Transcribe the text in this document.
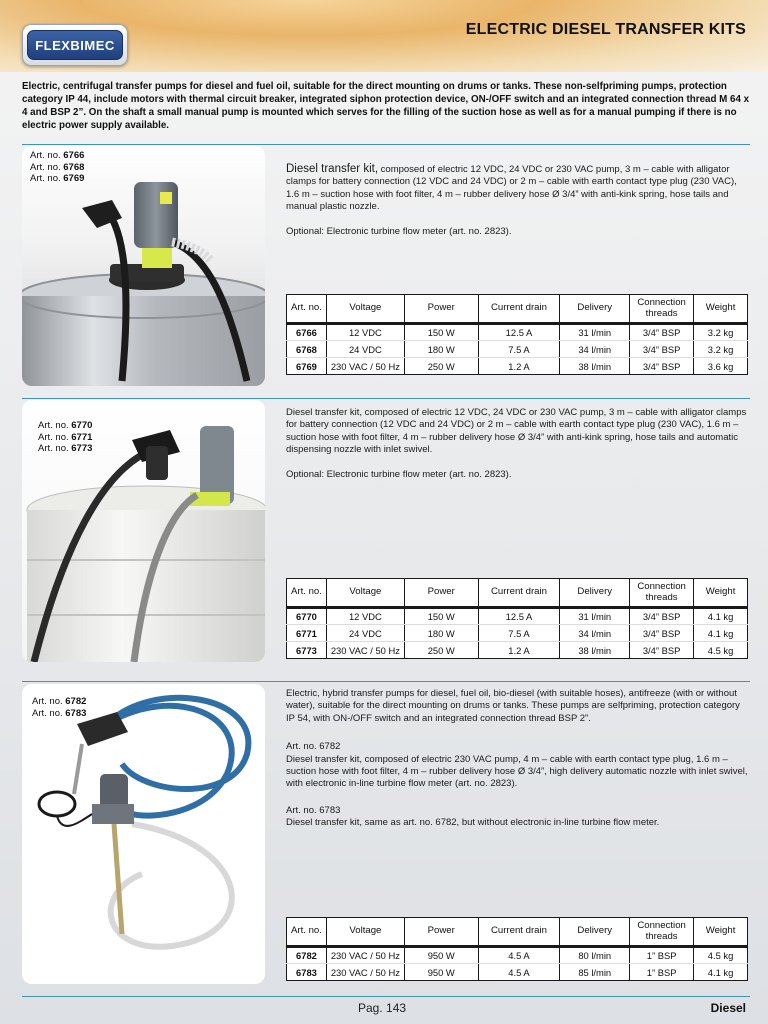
FLEXBIMEC
ELECTRIC DIESEL TRANSFER KITS
Electric, centrifugal transfer pumps for diesel and fuel oil, suitable for the direct mounting on drums or tanks. These non-selfpriming pumps, protection category IP 44, include motors with thermal circuit breaker, integrated siphon protection device, ON-/OFF switch and an integrated connection thread M 64 x 4 and BSP 2”. On the shaft a small manual pump is mounted which serves for the filling of the suction hose as well as for a manual pumping if there is no electric power supply available.
Art. no. 6766
Art. no. 6768
Art. no. 6769

Diesel transfer kit, composed of electric 12 VDC, 24 VDC or 230 VAC pump, 3 m – cable with alligator clamps for battery connection (12 VDC and 24 VDC) or 2 m – cable with earth contact type plug (230 VAC), 1.6 m – suction hose with foot filter, 4 m – rubber delivery hose Ø 3/4” with anti-kink spring, hose tails and manual plastic nozzle.

Optional: Electronic turbine flow meter (art. no. 2823).

Art. no.	Voltage	Power	Current drain	Delivery	Connection threads	Weight
6766	12 VDC	150 W	12.5 A	31 l/min	3/4” BSP	3.2 kg
6768	24 VDC	180 W	7.5 A	34 l/min	3/4” BSP	3.2 kg
6769	230 VAC / 50 Hz	250 W	1.2 A	38 l/min	3/4” BSP	3.6 kg
Art. no. 6770
Art. no. 6771
Art. no. 6773

Diesel transfer kit, composed of electric 12 VDC, 24 VDC or 230 VAC pump, 3 m – cable with alligator clamps for battery connection (12 VDC and 24 VDC) or 2 m – cable with earth contact type plug (230 VAC), 1.6 m – suction hose with foot filter, 4 m – rubber delivery hose Ø 3/4” with anti-kink spring, hose tails and automatic dispensing nozzle with inlet swivel.

Optional: Electronic turbine flow meter (art. no. 2823).

Art. no.	Voltage	Power	Current drain	Delivery	Connection threads	Weight
6770	12 VDC	150 W	12.5 A	31 l/min	3/4” BSP	4.1 kg
6771	24 VDC	180 W	7.5 A	34 l/min	3/4” BSP	4.1 kg
6773	230 VAC / 50 Hz	250 W	1.2 A	38 l/min	3/4” BSP	4.5 kg
Art. no. 6782
Art. no. 6783

Electric, hybrid transfer pumps for diesel, fuel oil, bio-diesel (with suitable hoses), antifreeze (with or without water), suitable for the direct mounting on drums or tanks. These pumps are selfpriming, protection category IP 54, with ON-/OFF switch and an integrated connection thread BSP 2”.

Art. no. 6782
Diesel transfer kit, composed of electric 230 VAC pump, 4 m – cable with earth contact type plug, 1.6 m – suction hose with foot filter, 4 m – rubber delivery hose Ø 3/4”, high delivery automatic nozzle with inlet swivel, with electronic in-line turbine flow meter (art. no. 2823).

Art. no. 6783
Diesel transfer kit, same as art. no. 6782, but without electronic in-line turbine flow meter.

Art. no.	Voltage	Power	Current drain	Delivery	Connection threads	Weight
6782	230 VAC / 50 Hz	950 W	4.5 A	80 l/min	1” BSP	4.5 kg
6783	230 VAC / 50 Hz	950 W	4.5 A	85 l/min	1” BSP	4.1 kg
Pag. 143	Diesel
